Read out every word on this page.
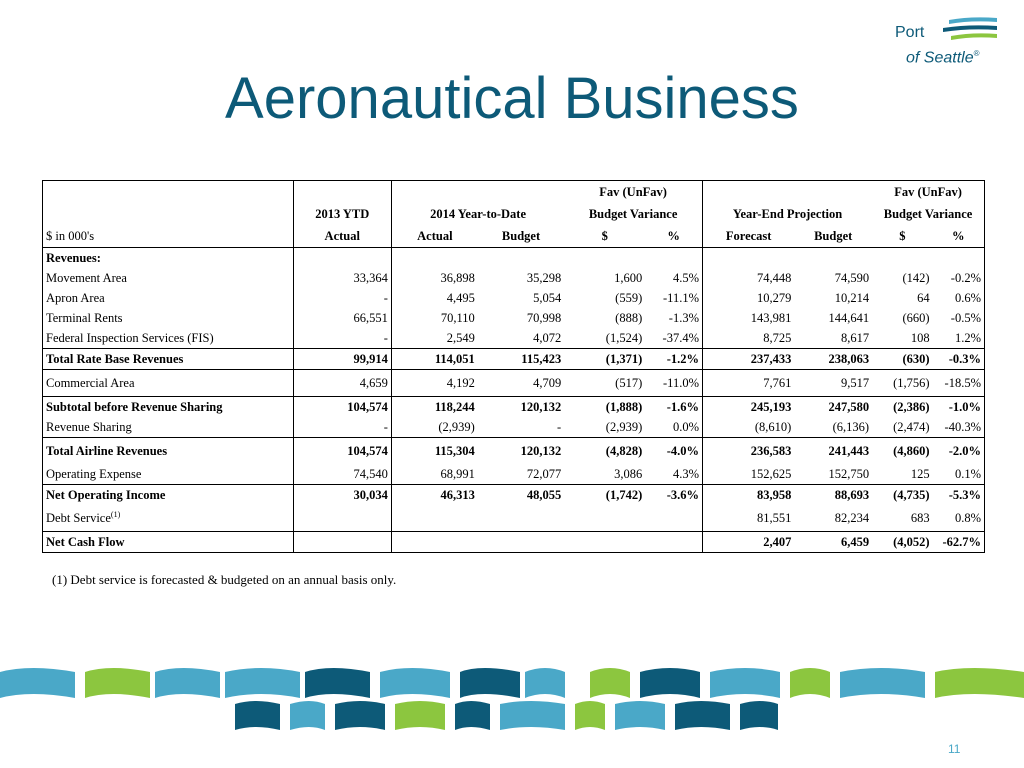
Aeronautical Business
Port
of Seattle®
				Fav (UnFav)				Fav (UnFav)	
	2013 YTD	2014 Year-to-Date		Budget Variance		Year-End Projection		Budget Variance	
$ in 000's	Actual	Actual	Budget	$	%	Forecast	Budget	$	%
Revenues:									
Movement Area	33,364	36,898	35,298	1,600	4.5%	74,448	74,590	(142)	-0.2%
Apron Area	-	4,495	5,054	(559)	-11.1%	10,279	10,214	64	0.6%
Terminal Rents	66,551	70,110	70,998	(888)	-1.3%	143,981	144,641	(660)	-0.5%
Federal Inspection Services (FIS)	-	2,549	4,072	(1,524)	-37.4%	8,725	8,617	108	1.2%
Total Rate Base Revenues	99,914	114,051	115,423	(1,371)	-1.2%	237,433	238,063	(630)	-0.3%
Commercial Area	4,659	4,192	4,709	(517)	-11.0%	7,761	9,517	(1,756)	-18.5%
Subtotal before Revenue Sharing	104,574	118,244	120,132	(1,888)	-1.6%	245,193	247,580	(2,386)	-1.0%
Revenue Sharing	-	(2,939)	-	(2,939)	0.0%	(8,610)	(6,136)	(2,474)	-40.3%
Total Airline Revenues	104,574	115,304	120,132	(4,828)	-4.0%	236,583	241,443	(4,860)	-2.0%
Operating Expense	74,540	68,991	72,077	3,086	4.3%	152,625	152,750	125	0.1%
Net Operating Income	30,034	46,313	48,055	(1,742)	-3.6%	83,958	88,693	(4,735)	-5.3%
Debt Service$^{(1)}$						81,551	82,234	683	0.8%
Net Cash Flow						2,407	6,459	(4,052)	-62.7%
(1) Debt service is forecasted & budgeted on an annual basis only.
11
